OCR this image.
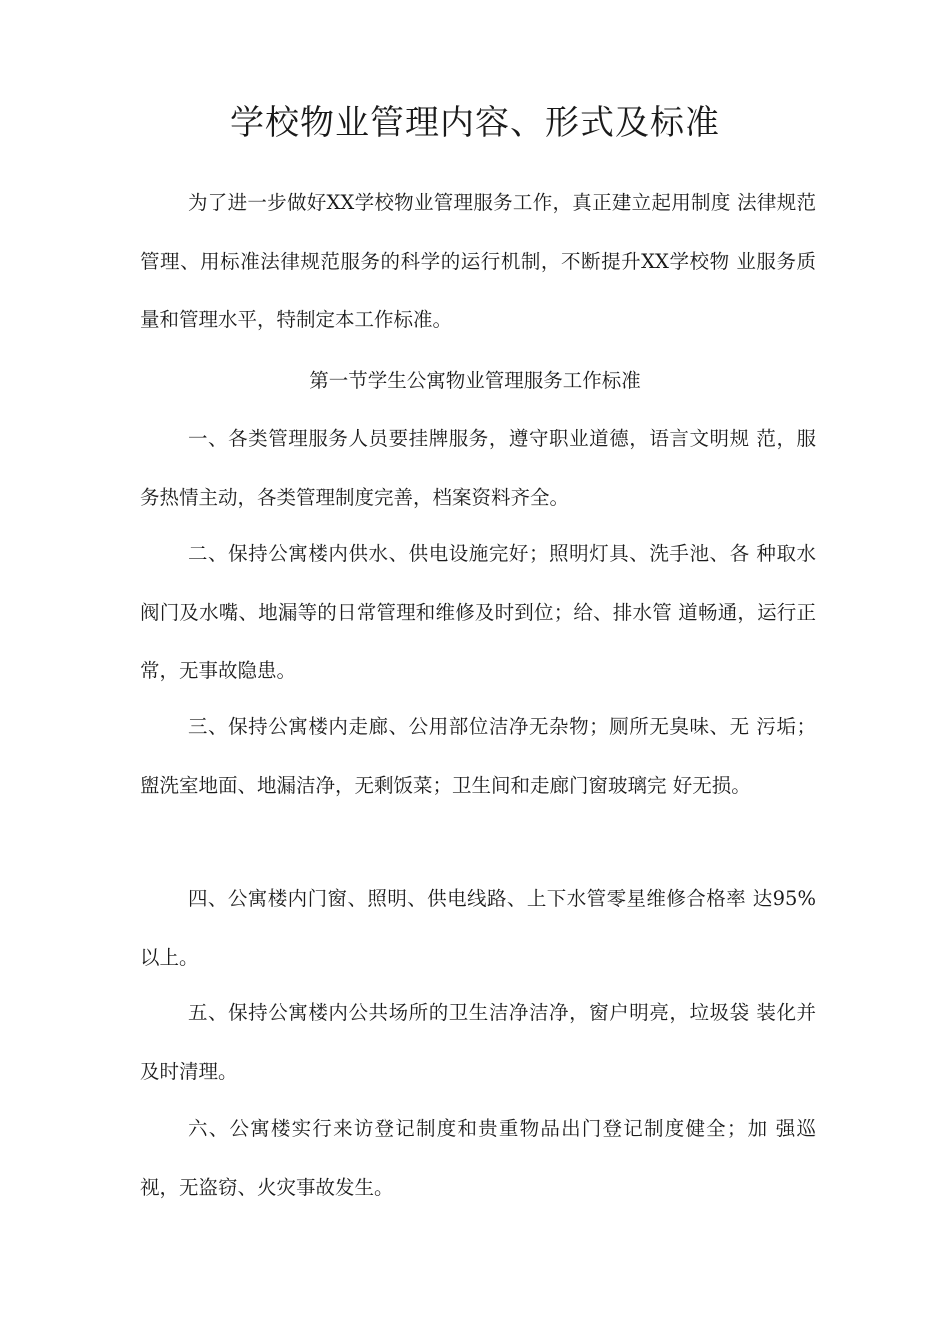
学校物业管理内容、形式及标准

为了进一步做好XX学校物业管理服务工作，真正建立起用制度 法律规范管理、用标准法律规范服务的科学的运行机制，不断提升XX学校物 业服务质量和管理水平，特制定本工作标准。

第一节学生公寓物业管理服务工作标准

一、各类管理服务人员要挂牌服务，遵守职业道德，语言文明规 范，服务热情主动，各类管理制度完善，档案资料齐全。

二、保持公寓楼内供水、供电设施完好；照明灯具、洗手池、各 种取水阀门及水嘴、地漏等的日常管理和维修及时到位；给、排水管 道畅通，运行正常，无事故隐患。

三、保持公寓楼内走廊、公用部位洁净无杂物；厕所无臭味、无 污垢；盥洗室地面、地漏洁净，无剩饭菜；卫生间和走廊门窗玻璃完 好无损。

四、公寓楼内门窗、照明、供电线路、上下水管零星维修合格率 达95%以上。

五、保持公寓楼内公共场所的卫生洁净洁净，窗户明亮，垃圾袋 装化并及时清理。

六、公寓楼实行来访登记制度和贵重物品出门登记制度健全；加 强巡视，无盗窃、火灾事故发生。
